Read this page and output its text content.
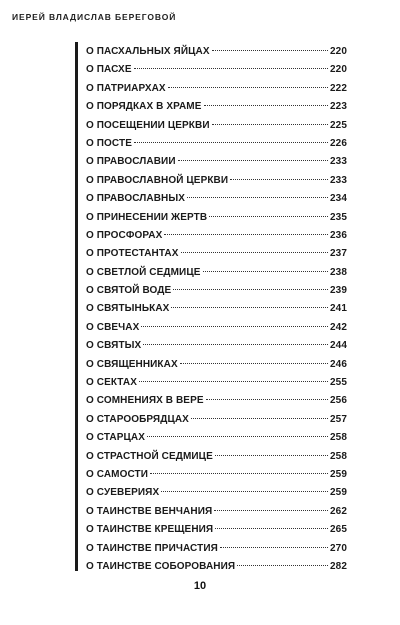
ИЕРЕЙ ВЛАДИСЛАВ БЕРЕГОВОЙ
О ПАСХАЛЬНЫХ ЯЙЦАХ	220
О ПАСХЕ	220
О ПАТРИАРХАХ	222
О ПОРЯДКАХ В ХРАМЕ	223
О ПОСЕЩЕНИИ ЦЕРКВИ	225
О ПОСТЕ	226
О ПРАВОСЛАВИИ	233
О ПРАВОСЛАВНОЙ ЦЕРКВИ	233
О ПРАВОСЛАВНЫХ	234
О ПРИНЕСЕНИИ ЖЕРТВ	235
О ПРОСФОРАХ	236
О ПРОТЕСТАНТАХ	237
О СВЕТЛОЙ СЕДМИЦЕ	238
О СВЯТОЙ ВОДЕ	239
О СВЯТЫНЬКАХ	241
О СВЕЧАХ	242
О СВЯТЫХ	244
О СВЯЩЕННИКАХ	246
О СЕКТАХ	255
О СОМНЕНИЯХ В ВЕРЕ	256
О СТАРООБРЯДЦАХ	257
О СТАРЦАХ	258
О СТРАСТНОЙ СЕДМИЦЕ	258
О САМОСТИ	259
О СУЕВЕРИЯХ	259
О ТАИНСТВЕ ВЕНЧАНИЯ	262
О ТАИНСТВЕ КРЕЩЕНИЯ	265
О ТАИНСТВЕ ПРИЧАСТИЯ	270
О ТАИНСТВЕ СОБОРОВАНИЯ	282
10
